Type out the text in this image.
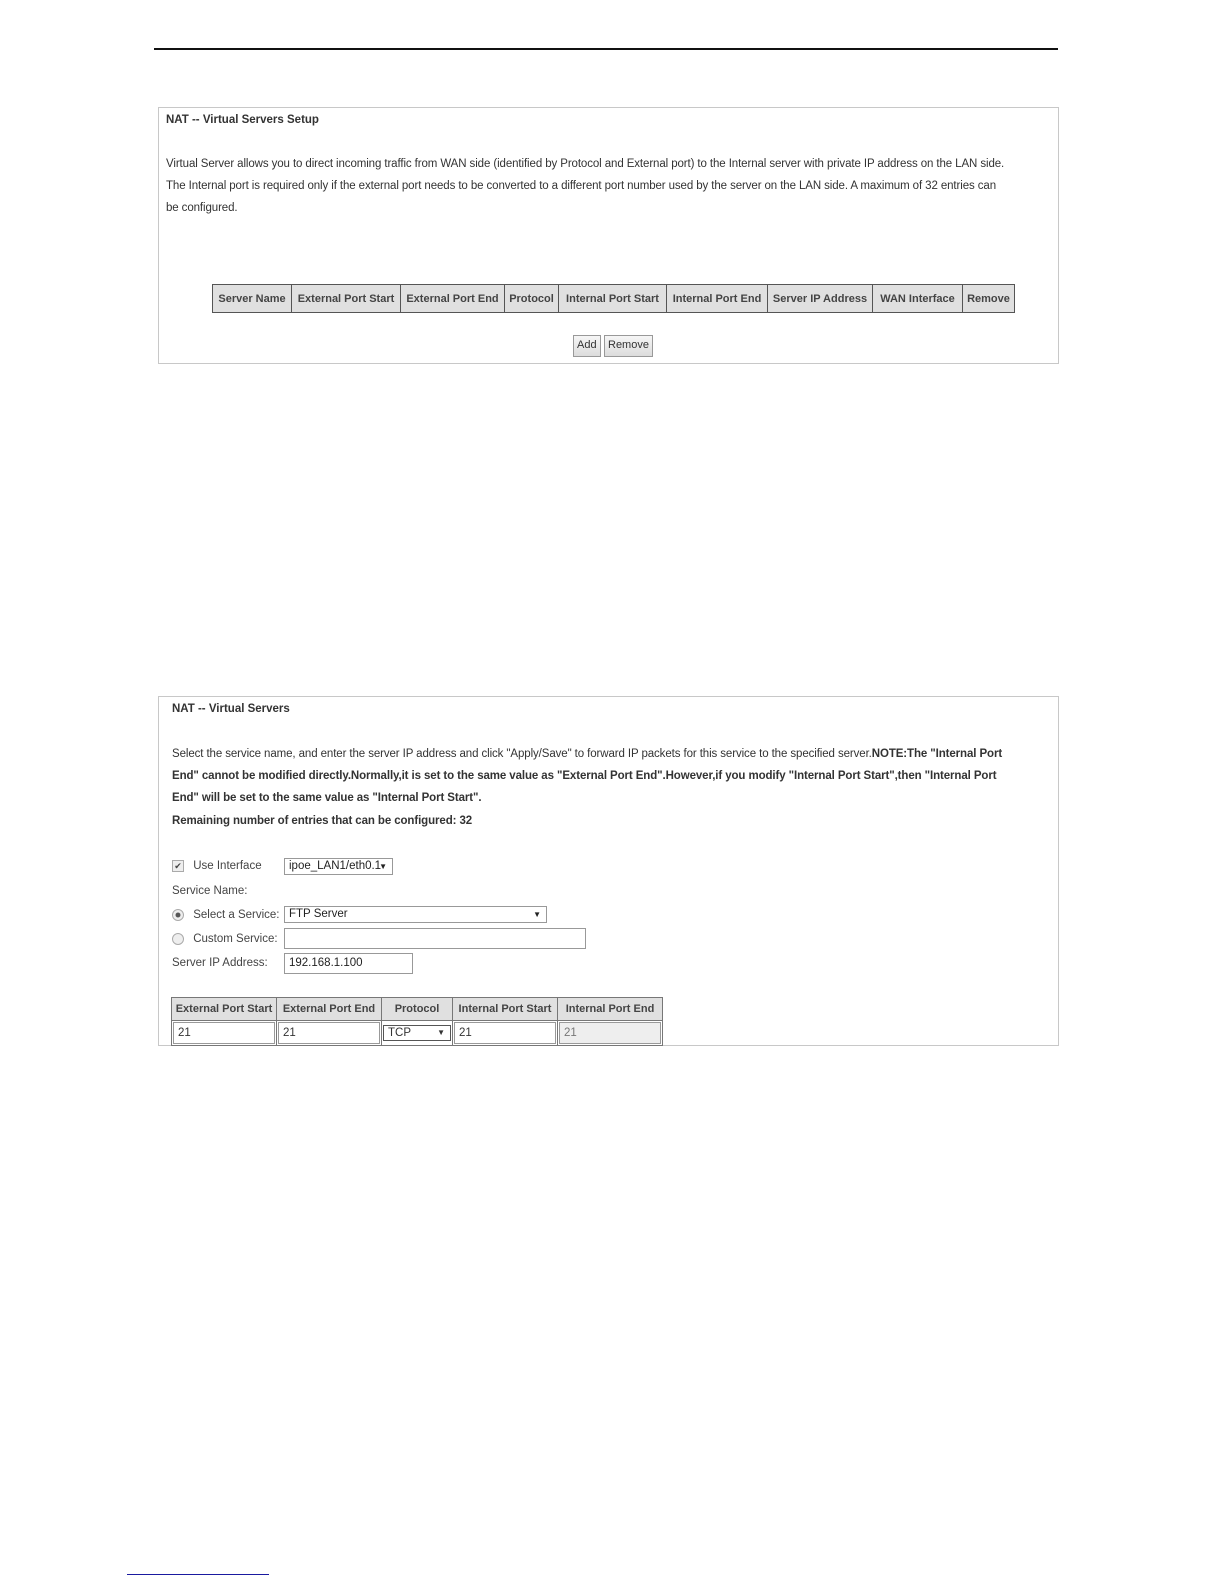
NAT -- Virtual Servers Setup
Virtual Server allows you to direct incoming traffic from WAN side (identified by Protocol and External port) to the Internal server with private IP address on the LAN side.
The Internal port is required only if the external port needs to be converted to a different port number used by the server on the LAN side. A maximum of 32 entries can
be configured.
Server Name	External Port Start	External Port End	Protocol	Internal Port Start	Internal Port End	Server IP Address	WAN Interface	Remove
Add	Remove
NAT -- Virtual Servers
Select the service name, and enter the server IP address and click "Apply/Save" to forward IP packets for this service to the specified server.NOTE:The "Internal Port
End" cannot be modified directly.Normally,it is set to the same value as "External Port End".However,if you modify "Internal Port Start",then "Internal Port
End" will be set to the same value as "Internal Port Start".
Remaining number of entries that can be configured: 32
✔ Use Interface	ipoe_LAN1/eth0.1
▼
Service Name:
Select a Service: FTP Server	▼
Custom Service:
Server IP Address:	192.168.1.100
External Port Start	External Port End	Protocol	Internal Port Start	Internal Port End

21	21	TCP ▼	21	21
